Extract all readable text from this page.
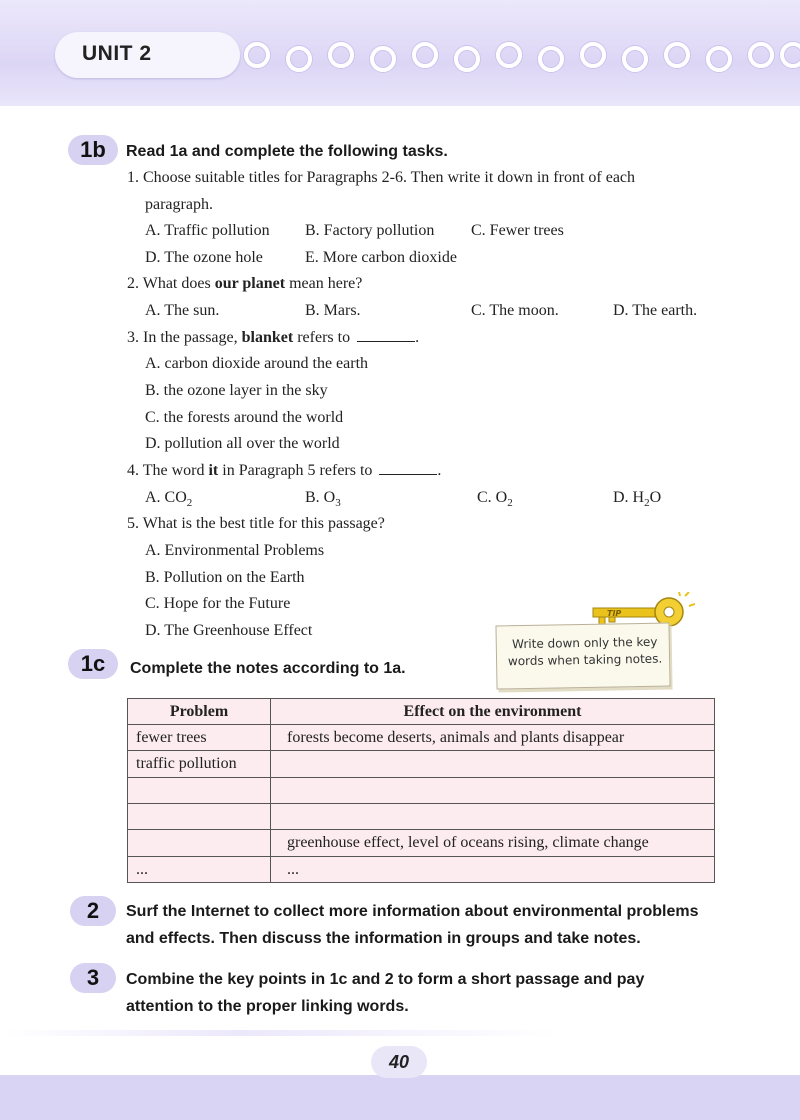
UNIT 2
1b	Read 1a and complete the following tasks.
1. Choose suitable titles for Paragraphs 2-6. Then write it down in front of each
paragraph.
A. Traffic pollution B. Factory pollution C. Fewer trees
D. The ozone hole	E. More carbon dioxide
2. What does our planet mean here?
A. The sun.	B. Mars.	C. The moon.	D. The earth.
3. In the passage, blanket refers to	.
A. carbon dioxide around the earth
B. the ozone layer in the sky
C. the forests around the world
D. pollution all over the world
4. The word it in Paragraph 5 refers to	.
A. $CO_2$	B. $O_3$	C. $O_2$	D. $H_2O$
5. What is the best title for this passage?
A. Environmental Problems
B. Pollution on the Earth
C. Hope for the Future
D. The Greenhouse Effect
TIP
Write down only the key words when taking notes.
1c	Complete the notes according to 1a.
Problem	Effect on the environment
fewer trees	forests become deserts, animals and plants disappear
traffic pollution	

	greenhouse effect, level of oceans rising, climate change
...	...
2	Surf the Internet to collect more information about environmental problems
and effects. Then discuss the information in groups and take notes.
3	Combine the key points in 1c and 2 to form a short passage and pay
attention to the proper linking words.
40
